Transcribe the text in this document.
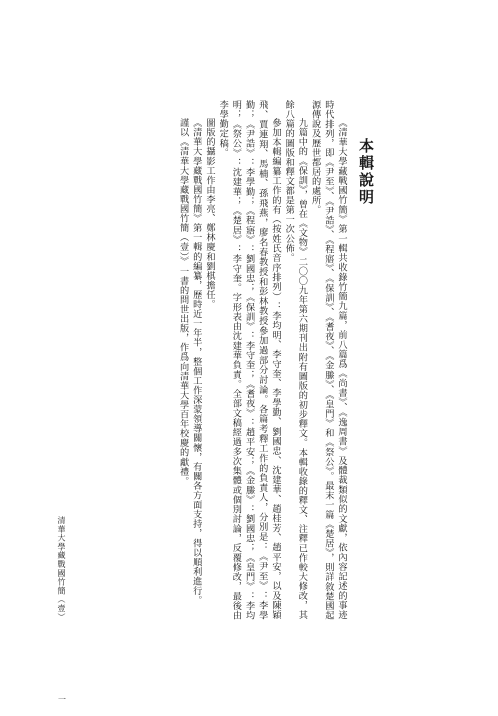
本輯說明

《清華大學藏戰國竹簡》第一輯共收錄竹簡九篇，前八篇爲《尚書》、《逸周書》及體裁類似的文獻，依內容記述的事迹時代排列，即《尹至》、《尹誥》、《程寤》、《保訓》、《耆夜》、《金縢》、《皇門》和《祭公》。最末一篇《楚居》，則詳敘楚國起源傳說及歷世都居的處所。

九篇中的《保訓》，曾在《文物》二〇〇九年第六期刊出附有圖版的初步釋文。本輯收錄的釋文、注釋已作較大修改，其餘八篇的圖版和釋文都是第一次公佈。

參加本輯編纂工作的有（按姓氏音序排列）：李均明、李守奎、李學勤、劉國忠、沈建華、趙桂芳、趙平安，以及陳穎飛、賈連翔、馬楠、孫飛燕，廖名春教授和彭林教授參加過部分討論。各篇考釋工作的負責人，分別是：《尹至》：李學勤；《尹誥》：李學勤；《程寤》：劉國忠；《保訓》：李守奎；《耆夜》：趙平安；《金縢》：劉國忠；《皇門》：李均明；《祭公》：沈建華；《楚居》：李守奎。字形表由沈建華負責。全部文稿經過多次集體或個別討論，反覆修改，最後由李學勤定稿。

圖版的攝影工作由李亮、鄭林慶和劉棋擔任。

《清華大學藏戰國竹簡》第一輯的編纂，歷時近一年半，整個工作深蒙領導關懷，有關各方面支持，得以順利進行。

謹以《清華大學藏戰國竹簡（壹）》一書的問世出版，作爲向清華大學百年校慶的獻禮。

清華大學藏戰國竹簡（壹）
一
